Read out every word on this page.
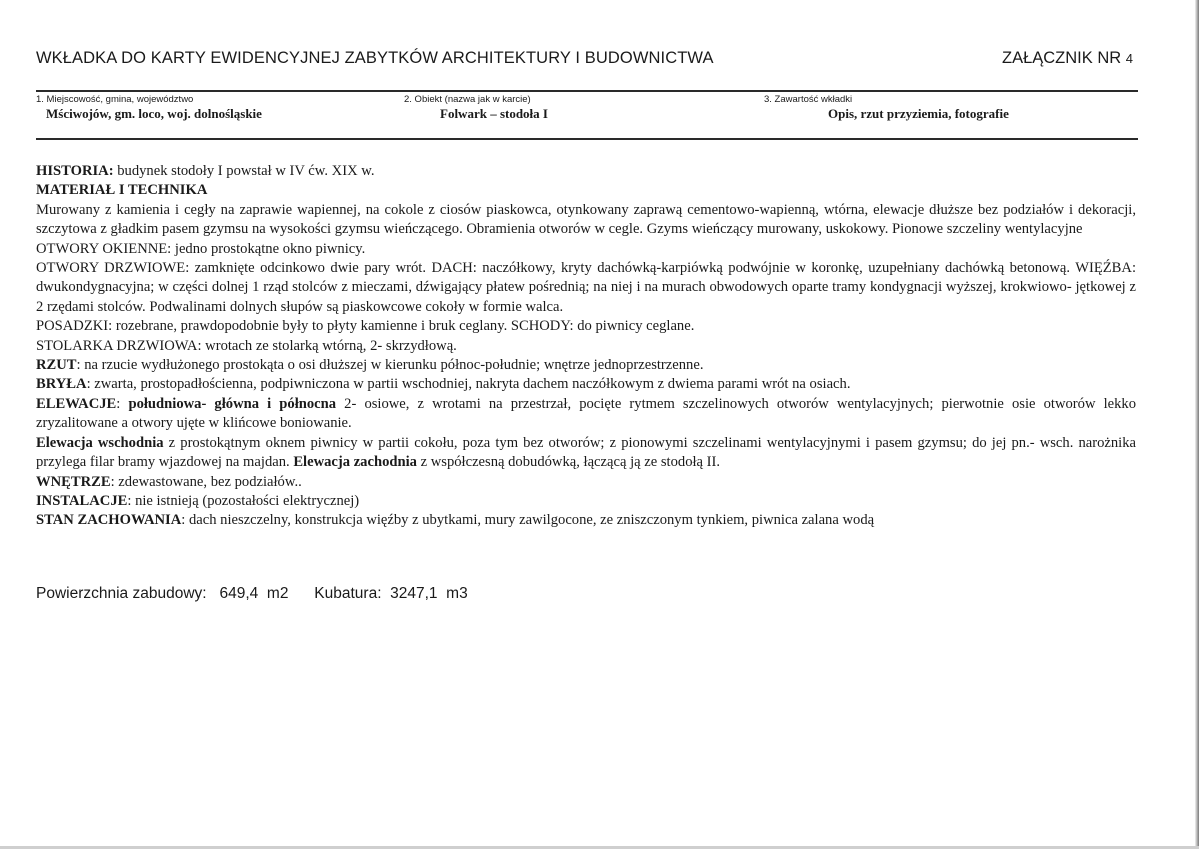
WKŁADKA DO KARTY EWIDENCYJNEJ ZABYTKÓW ARCHITEKTURY I BUDOWNICTWA	ZAŁĄCZNIK NR 4
1. Miejscowość, gmina, województwo
Mściwojów, gm. loco, woj. dolnośląskie
2. Obiekt (nazwa jak w karcie)
Folwark – stodoła I
3. Zawartość wkładki
Opis, rzut przyziemia, fotografie

HISTORIA: budynek stodoły I powstał w IV ćw. XIX w.

MATERIAŁ I TECHNIKA

Murowany z kamienia i cegły na zaprawie wapiennej, na cokole z ciosów piaskowca, otynkowany zaprawą cementowo-wapienną, wtórna, elewacje dłuższe bez podziałów i dekoracji, szczytowa z gładkim pasem gzymsu na wysokości gzymsu wieńczącego. Obramienia otworów w cegle. Gzyms wieńczący murowany, uskokowy. Pionowe szczeliny wentylacyjne

OTWORY OKIENNE: jedno prostokątne okno piwnicy.

OTWORY DRZWIOWE: zamknięte odcinkowo dwie pary wrót. DACH: naczółkowy, kryty dachówką-karpiówką podwójnie w koronkę, uzupełniany dachówką betonową. WIĘŹBA: dwukondygnacyjna; w części dolnej 1 rząd stolców z mieczami, dźwigający płatew pośrednią; na niej i na murach obwodowych oparte tramy kondygnacji wyższej, krokwiowo- jętkowej z 2 rzędami stolców. Podwalinami dolnych słupów są piaskowcowe cokoły w formie walca.

POSADZKI: rozebrane, prawdopodobnie były to płyty kamienne i bruk ceglany. SCHODY: do piwnicy ceglane.

STOLARKA DRZWIOWA: wrotach ze stolarką wtórną, 2- skrzydłową.

RZUT: na rzucie wydłużonego prostokąta o osi dłuższej w kierunku północ-południe; wnętrze jednoprzestrzenne.

BRYŁA: zwarta, prostopadłościenna, podpiwniczona w partii wschodniej, nakryta dachem naczółkowym z dwiema parami wrót na osiach.

ELEWACJE: południowa- główna i północna 2- osiowe, z wrotami na przestrzał, pocięte rytmem szczelinowych otworów wentylacyjnych; pierwotnie osie otworów lekko zryzalitowane a otwory ujęte w klińcowe boniowanie.

Elewacja wschodnia z prostokątnym oknem piwnicy w partii cokołu, poza tym bez otworów; z pionowymi szczelinami wentylacyjnymi i pasem gzymsu; do jej pn.- wsch. narożnika przylega filar bramy wjazdowej na majdan. Elewacja zachodnia z współczesną dobudówką, łączącą ją ze stodołą II.

WNĘTRZE: zdewastowane, bez podziałów..

INSTALACJE: nie istnieją (pozostałości elektrycznej)

STAN ZACHOWANIA: dach nieszczelny, konstrukcja więźby z ubytkami, mury zawilgocone, ze zniszczonym tynkiem, piwnica zalana wodą

Powierzchnia zabudowy: 649,4  m2 Kubatura: 3247,1  m3
